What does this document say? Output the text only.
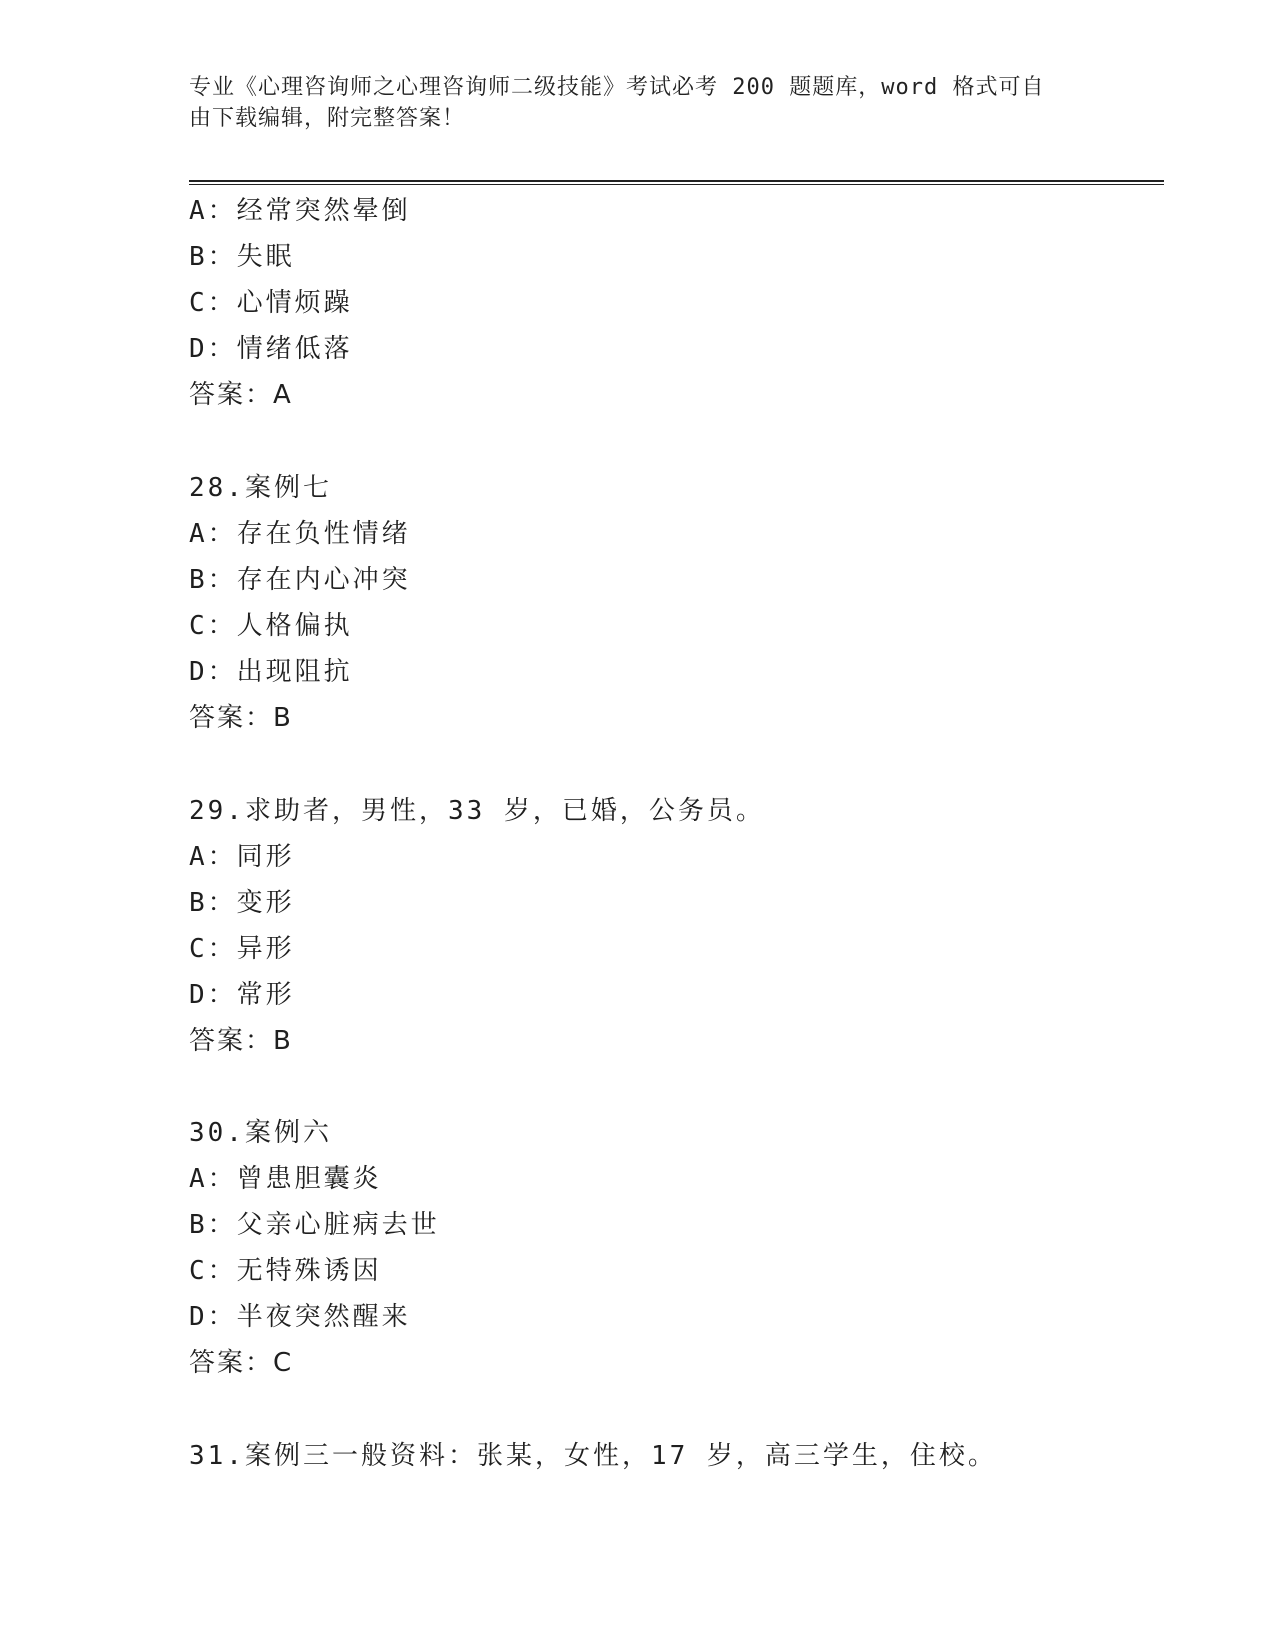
专业《心理咨询师之心理咨询师二级技能》考试必考 200 题题库，word 格式可自
由下载编辑，附完整答案！
A：经常突然晕倒
B：失眠
C：心情烦躁
D：情绪低落
答案：A
28.案例七
A：存在负性情绪
B：存在内心冲突
C：人格偏执
D：出现阻抗
答案：B
29.求助者，男性，33 岁，已婚，公务员。
A：同形
B：变形
C：异形
D：常形
答案：B
30.案例六
A：曾患胆囊炎
B：父亲心脏病去世
C：无特殊诱因
D：半夜突然醒来
答案：C
31.案例三一般资料：张某，女性，17 岁，高三学生，住校。
